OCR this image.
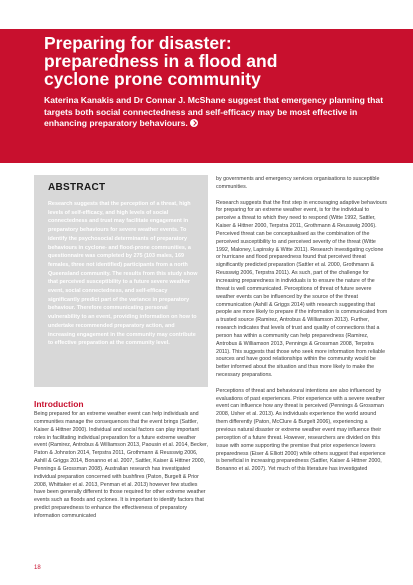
Preparing for disaster: preparedness in a flood and cyclone prone community

Katerina Kanakis and Dr Connar J. McShane suggest that emergency planning that targets both social connectedness and self-efficacy may be most effective in enhancing preparatory behaviours.

ABSTRACT
Research suggests that the perception of a threat, high levels of self-efficacy, and high levels of social connectedness and trust may facilitate engagement in preparatory behaviours for severe weather events. To identify the psychosocial determinants of preparatory behaviours in cyclone- and flood-prone communities, a questionnaire was completed by 275 (103 males, 169 females, three not identified) participants from a north Queensland community. The results from this study show that perceived susceptibility to a future severe weather event, social connectedness, and self-efficacy significantly predict part of the variance in preparatory behaviour. Therefore communicating personal vulnerability to an event, providing information on how to undertake recommended preparatory action, and increasing engagement in the community may contribute to effective preparation at the community level.
Introduction

Being prepared for an extreme weather event can help individuals and communities manage the consequences that the event brings (Sattler, Kaiser & Hittner 2000). Individual and social factors can play important roles in facilitating individual preparation for a future extreme weather event (Ramirez, Antrobus & Williamson 2013, Paousin et al. 2014, Becker, Paton & Johnston 2014, Terpstra 2011, Grothmann & Reusswig 2006, Ashill & Griggs 2014, Bonanno et al. 2007, Sattler, Kaiser & Hittner 2000, Pennings & Grossman 2008). Australian research has investigated individual preparation concerned with bushfires (Paton, Burgelt & Prior 2008, Whittaker et al. 2013, Penman et al. 2013) however few studies have been generally different to those required for other extreme weather events such as floods and cyclones. It is important to identify factors that predict preparedness to enhance the effectiveness of preparatory information communicated

by governments and emergency services organisations to susceptible communities.

Research suggests that the first step in encouraging adaptive behaviours for preparing for an extreme weather event, is for the individual to perceive a threat to which they need to respond (Witte 1992, Sattler, Kaiser & Hittner 2000, Terpstra 2011, Grothmann & Reusswig 2006). Perceived threat can be conceptualised as the combination of the perceived susceptibility to and perceived severity of the threat (Witte 1992, Maloney, Lapinsky & Witte 2011). Research investigating cyclone or hurricane and flood preparedness found that perceived threat significantly predicted preparation (Sattler et al. 2000, Grothmann & Reusswig 2006, Terpstra 2011). As such, part of the challenge for increasing preparedness in individuals is to ensure the nature of the threat is well communicated. Perceptions of threat of future severe weather events can be influenced by the source of the threat communication (Ashill & Griggs 2014) with research suggesting that people are more likely to prepare if the information is communicated from a trusted source (Ramirez, Antrobus & Williamson 2013). Further, research indicates that levels of trust and quality of connections that a person has within a community can help preparedness (Ramirez, Antrobus & Williamson 2013, Pennings & Grossman 2008, Terpstra 2011). This suggests that those who seek more information from reliable sources and have good relationships within the community would be better informed about the situation and thus more likely to make the necessary preparations.

Perceptions of threat and behavioural intentions are also influenced by evaluations of past experiences. Prior experience with a severe weather event can influence how any threat is perceived (Pennings & Grossman 2008, Usher et al. 2013). As individuals experience the world around them differently (Paton, McClure & Burgelt 2006), experiencing a previous natural disaster or extreme weather event may influence their perception of a future threat. However, researchers are divided on this issue with some supporting the premise that prior experience lowers preparedness (Eiser & Elliott 2000) while others suggest that experience is beneficial in increasing preparedness (Sattler, Kaiser & Hittner 2000, Bonanno et al. 2007). Yet much of this literature has investigated

18
